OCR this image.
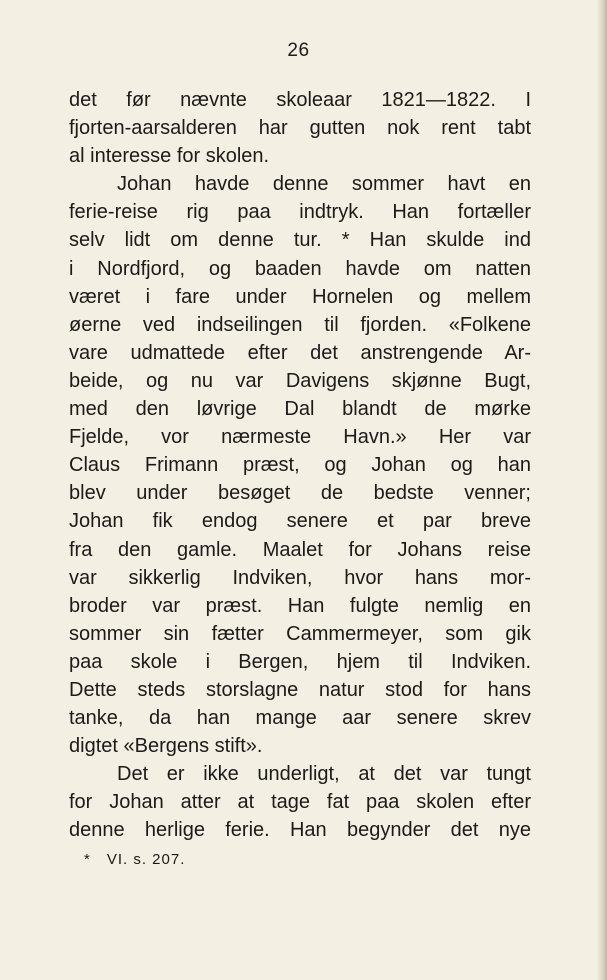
26
det før nævnte skoleaar 1821—1822. I
fjorten-aarsalderen har gutten nok rent tabt
al interesse for skolen.
Johan havde denne sommer havt en
ferie-reise rig paa indtryk. Han fortæller
selv lidt om denne tur. * Han skulde ind
i Nordfjord, og baaden havde om natten
været i fare under Hornelen og mellem
øerne ved indseilingen til fjorden. «Folkene
vare udmattede efter det anstrengende Ar-
beide, og nu var Davigens skjønne Bugt,
med den løvrige Dal blandt de mørke
Fjelde, vor nærmeste Havn.» Her var
Claus Frimann præst, og Johan og han
blev under besøget de bedste venner;
Johan fik endog senere et par breve
fra den gamle. Maalet for Johans reise
var sikkerlig Indviken, hvor hans mor-
broder var præst. Han fulgte nemlig en
sommer sin fætter Cammermeyer, som gik
paa skole i Bergen, hjem til Indviken.
Dette steds storslagne natur stod for hans
tanke, da han mange aar senere skrev
digtet «Bergens stift».
Det er ikke underligt, at det var tungt
for Johan atter at tage fat paa skolen efter
denne herlige ferie. Han begynder det nye
* VI. s. 207.
